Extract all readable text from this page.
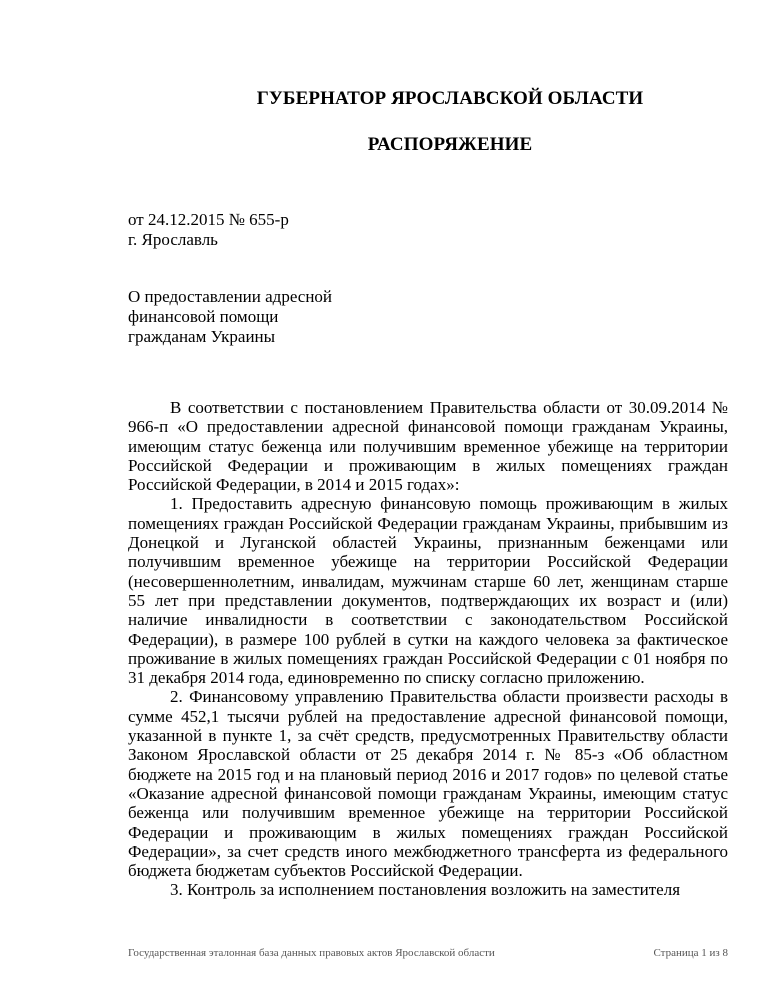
ГУБЕРНАТОР ЯРОСЛАВСКОЙ ОБЛАСТИ
РАСПОРЯЖЕНИЕ
от 24.12.2015 № 655-р
г. Ярославль
О предоставлении адресной
финансовой помощи
гражданам Украины

В соответствии с постановлением Правительства области от 30.09.2014 № 966-п «О предоставлении адресной финансовой помощи гражданам Украины, имеющим статус беженца или получившим временное убежище на территории Российской Федерации и проживающим в жилых помещениях граждан Российской Федерации, в 2014 и 2015 годах»:

1. Предоставить адресную финансовую помощь проживающим в жилых помещениях граждан Российской Федерации гражданам Украины, прибывшим из Донецкой и Луганской областей Украины, признанным беженцами или получившим временное убежище на территории Российской Федерации (несовершеннолетним, инвалидам, мужчинам старше 60 лет, женщинам старше 55 лет при представлении документов, подтверждающих их возраст и (или) наличие инвалидности в соответствии с законодательством Российской Федерации), в размере 100 рублей в сутки на каждого человека за фактическое проживание в жилых помещениях граждан Российской Федерации с 01 ноября по 31 декабря 2014 года, единовременно по списку согласно приложению.

2. Финансовому управлению Правительства области произвести расходы в сумме 452,1 тысячи рублей на предоставление адресной финансовой помощи, указанной в пункте 1, за счёт средств, предусмотренных Правительству области Законом Ярославской области от 25 декабря 2014 г. № 85-з «Об областном бюджете на 2015 год и на плановый период 2016 и 2017 годов» по целевой статье «Оказание адресной финансовой помощи гражданам Украины, имеющим статус беженца или получившим временное убежище на территории Российской Федерации и проживающим в жилых помещениях граждан Российской Федерации», за счет средств иного межбюджетного трансферта из федерального бюджета бюджетам субъектов Российской Федерации.

3. Контроль за исполнением постановления возложить на заместителя

Государственная эталонная база данных правовых актов Ярославской области	Страница 1 из 8
